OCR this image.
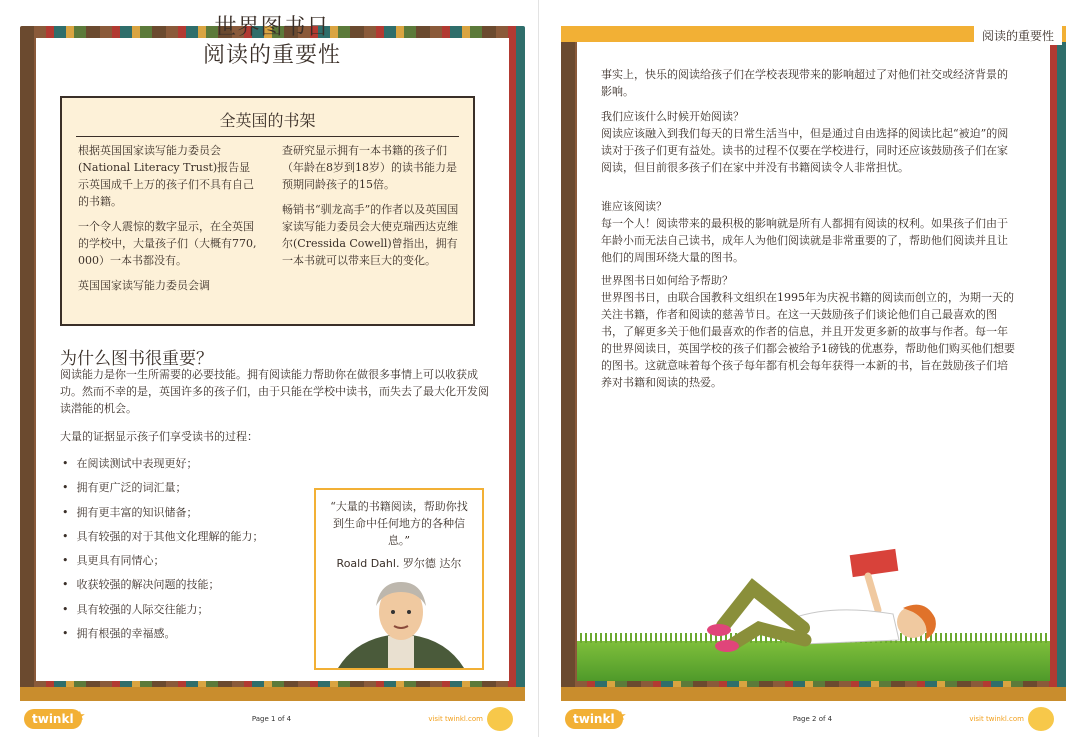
世界图书日
阅读的重要性
全英国的书架

根据英国国家读写能力委员会(National Literacy Trust)报告显示英国成千上万的孩子们不具有自己的书籍。

一个令人震惊的数字显示，在全英国的学校中，大量孩子们（大概有770, 000）一本书都没有。

英国国家读写能力委员会调

查研究显示拥有一本书籍的孩子们（年龄在8岁到18岁）的读书能力是预期同龄孩子的15倍。

畅销书“驯龙高手”的作者以及英国国家读写能力委员会大使克瑞西达克维尔(Cressida Cowell)曾指出，拥有一本书就可以带来巨大的变化。

为什么图书很重要？
阅读能力是你一生所需要的必要技能。拥有阅读能力帮助你在做很多事情上可以收获成功。然而不幸的是，英国许多的孩子们，由于只能在学校中读书，而失去了最大化开发阅读潜能的机会。
大量的证据显示孩子们享受读书的过程：
• 在阅读测试中表现更好；
• 拥有更广泛的词汇量；
• 拥有更丰富的知识储备；
• 具有较强的对于其他文化理解的能力；
• 具更具有同情心；
• 收获较强的解决问题的技能；
• 具有较强的人际交往能力；
• 拥有根强的幸福感。
“大量的书籍阅读，帮助你找到生命中任何地方的各种信息。”
Roald Dahl. 罗尔德 达尔
twinkl ★	Page 1 of 4	visit twinkl.com
阅读的重要性
事实上，快乐的阅读给孩子们在学校表现带来的影响超过了对他们社交或经济背景的影响。
我们应该什么时候开始阅读？
阅读应该融入到我们每天的日常生活当中，但是通过自由选择的阅读比起“被迫”的阅读对于孩子们更有益处。读书的过程不仅要在学校进行，同时还应该鼓励孩子们在家阅读，但目前很多孩子们在家中并没有书籍阅读令人非常担忧。
谁应该阅读？
每一个人！阅读带来的最积极的影响就是所有人都拥有阅读的权利。如果孩子们由于年龄小而无法自己读书，成年人为他们阅读就是非常重要的了，帮助他们阅读并且让他们的周围环绕大量的图书。
世界图书日如何给予帮助？
世界图书日，由联合国教科文组织在1995年为庆祝书籍的阅读而创立的，为期一天的关注书籍，作者和阅读的慈善节日。在这一天鼓励孩子们谈论他们自己最喜欢的图书，了解更多关于他们最喜欢的作者的信息，并且开发更多新的故事与作者。每一年的世界阅读日，英国学校的孩子们都会被给予1磅钱的优惠券，帮助他们购买他们想要的图书。这就意味着每个孩子每年都有机会每年获得一本新的书，旨在鼓励孩子们培养对书籍和阅读的热爱。
twinkl ★	Page 2 of 4	visit twinkl.com
